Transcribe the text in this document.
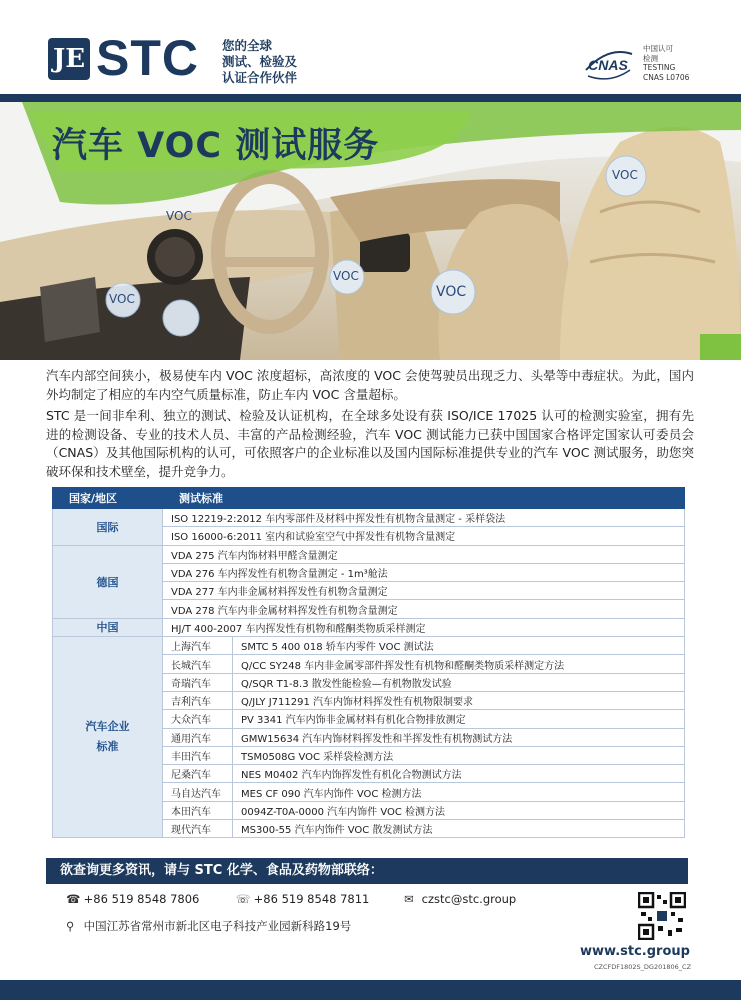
JE STC 您的全球
测试、检验及
认证合作伙伴
CNAS
中国认可
检测
TESTING
CNAS L0706
VOC
VOC
VOC
VOC
VOC
汽车 VOC 测试服务

汽车内部空间狭小，极易使车内 VOC 浓度超标，高浓度的 VOC 会使驾驶员出现乏力、头晕等中毒症状。为此，国内外均制定了相应的车内空气质量标准，防止车内 VOC 含量超标。

STC 是一间非牟利、独立的测试、检验及认证机构，在全球多处设有获 ISO/ICE 17025 认可的检测实验室，拥有先进的检测设备、专业的技术人员、丰富的产品检测经验，汽车 VOC 测试能力已获中国国家合格评定国家认可委员会（CNAS）及其他国际机构的认可，可依照客户的企业标准以及国内国际标准提供专业的汽车 VOC 测试服务，助您突破环保和技术壁垒，提升竞争力。

国家/地区	测试标准	
国际	ISO 12219-2:2012 车内零部件及材料中挥发性有机物含量测定 - 采样袋法	
	ISO 16000-6:2011 室内和试验室空气中挥发性有机物含量测定	
德国	VDA 275 汽车内饰材料甲醛含量测定	
	VDA 276 车内挥发性有机物含量测定 - 1m³舱法	
	VDA 277 车内非金属材料挥发性有机物含量测定	
	VDA 278 汽车内非金属材料挥发性有机物含量测定	
中国	HJ/T 400-2007 车内挥发性有机物和醛酮类物质采样测定	

汽车企业
标准	上海汽车	SMTC 5 400 018 轿车内零件 VOC 测试法
	长城汽车	Q/CC SY248 车内非金属零部件挥发性有机物和醛酮类物质采样测定方法
	奇瑞汽车	Q/SQR T1-8.3 散发性能检验—有机物散发试验
	吉利汽车	Q/JLY J711291 汽车内饰材料挥发性有机物限制要求
	大众汽车	PV 3341 汽车内饰非金属材料有机化合物排放测定
	通用汽车	GMW15634 汽车内饰材料挥发性和半挥发性有机物测试方法
	丰田汽车	TSM0508G VOC 采样袋检测方法
	尼桑汽车	NES M0402 汽车内饰挥发性有机化合物测试方法
	马自达汽车	MES CF 090 汽车内饰件 VOC 检测方法
	本田汽车	0094Z-T0A-0000 汽车内饰件 VOC 检测方法
	现代汽车	MS300-55 汽车内饰件 VOC 散发测试方法
欲查询更多资讯，请与 STC 化学、食品及药物部联络：
☎ +86 519 8548 7806	☏ +86 519 8548 7811	✉ czstc@stc.group
⚲ 中国江苏省常州市新北区电子科技产业园新科路19号
www.stc.group
CZCFDF1802S_DG201806_CZ
